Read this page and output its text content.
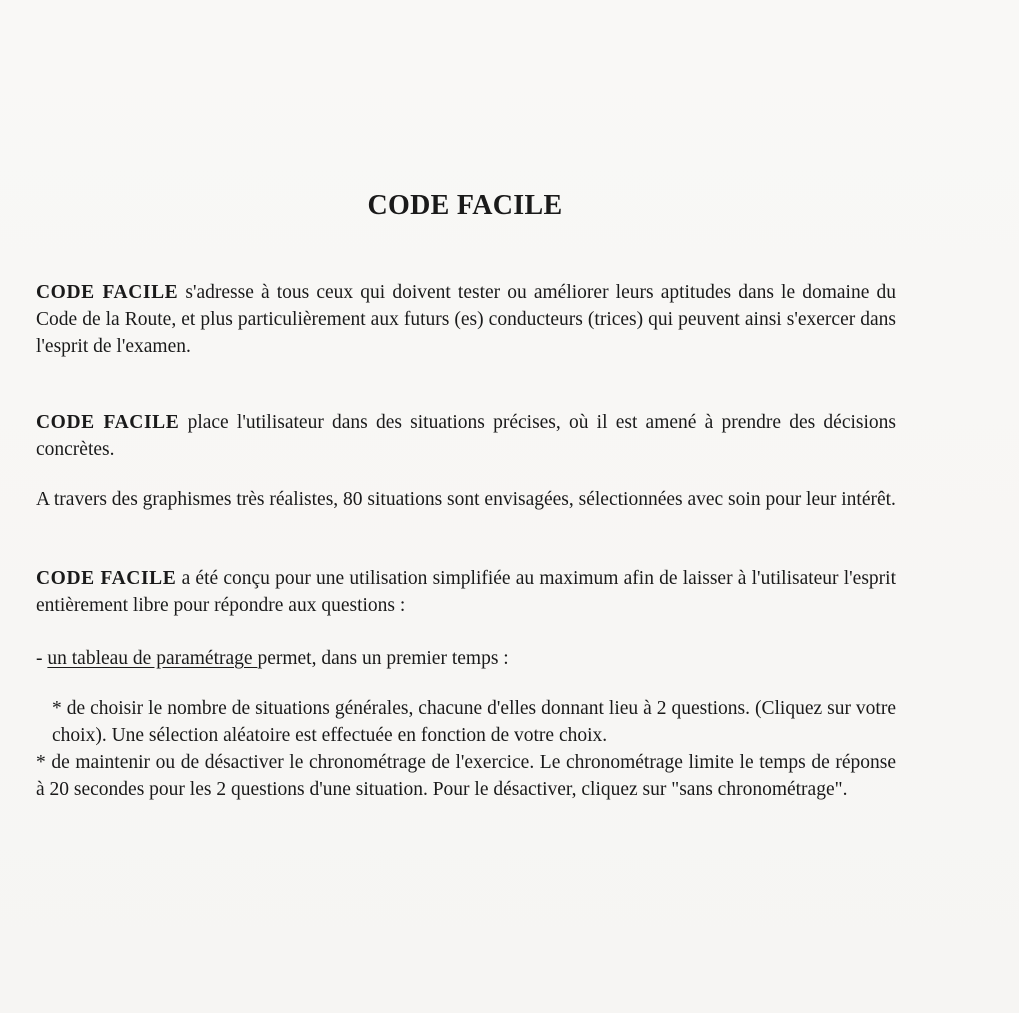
CODE FACILE

CODE FACILE s'adresse à tous ceux qui doivent tester ou améliorer leurs aptitudes dans le domaine du Code de la Route, et plus particulièrement aux futurs (es) conducteurs (trices) qui peuvent ainsi s'exercer dans l'esprit de l'examen.

CODE FACILE place l'utilisateur dans des situations précises, où il est amené à prendre des décisions concrètes.

A travers des graphismes très réalistes, 80 situations sont envisagées, sélectionnées avec soin pour leur intérêt.

CODE FACILE a été conçu pour une utilisation simplifiée au maximum afin de laisser à l'utilisateur l'esprit entièrement libre pour répondre aux questions :

- un tableau de paramétrage permet, dans un premier temps :

* de choisir le nombre de situations générales, chacune d'elles donnant lieu à 2 questions. (Cliquez sur votre choix). Une sélection aléatoire est effectuée en fonction de votre choix.

* de maintenir ou de désactiver le chronométrage de l'exercice. Le chronométrage limite le temps de réponse à 20 secondes pour les 2 questions d'une situation. Pour le désactiver, cliquez sur "sans chronométrage".
